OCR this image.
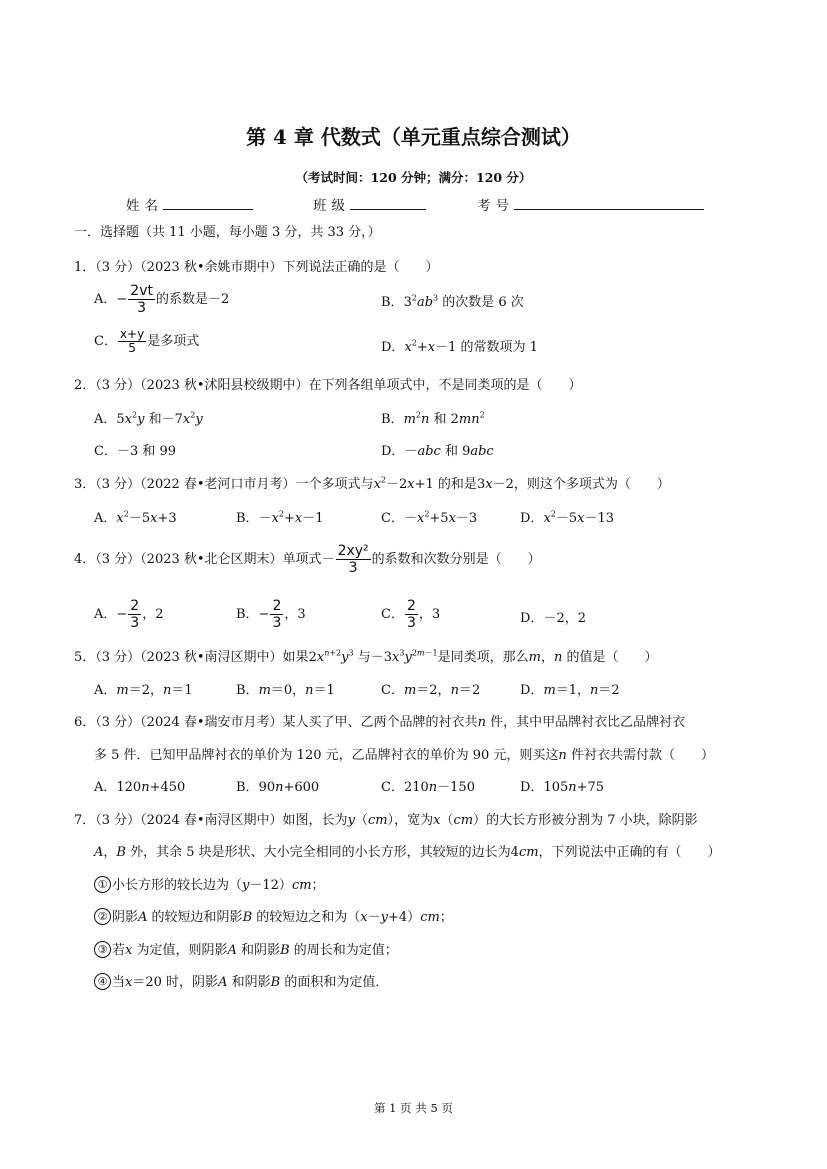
第 4 章 代数式（单元重点综合测试）
（考试时间：120 分钟；满分：120 分）
姓名	班级	考号
一．选择题（共 11 小题，每小题 3 分，共 33 分，）
1．（3 分）（2023 秋•余姚市期中）下列说法正确的是（　　）
A．− $\frac{2vt}{3}$ 的系数是－2	B．$3^2ab^3$ 的次数是 6 次
C． $\frac{x+y}{5}$ 是多项式	D．$x^2+x-1$ 的常数项为 1
2．（3 分）（2023 秋•沭阳县校级期中）在下列各组单项式中，不是同类项的是（　　）
A．$5x^2y$ 和$-7x^2y$	B．$m^2n$ 和 $2mn^2$
C．－3 和 99	D．－abc 和 9abc
3．（3 分）（2022 春•老河口市月考）一个多项式与$x^2-2x+1$ 的和是3x－2，则这个多项式为（　　）
A．$x^2-5x+3$	B．$-x^2+x-1$	C．$-x^2+5x-3$	D．$x^2-5x-13$
4．（3 分）（2023 秋•北仑区期末）单项式－ $\frac{\text{2xy²}}{3}$ 的系数和次数分别是（　　）
A．− $\frac{2}{3}$ ，2	B．− $\frac{2}{3}$ ，3	C． $\frac{2}{3}$ ，3	D．－2，2
5．（3 分）（2023 秋•南浔区期中）如果$2x^{n+2}y^3$ 与$-3x^3y^{2m-1}$是同类项，那么m，n 的值是（　　）
A．m＝2，n＝1	B．m＝0，n＝1	C．m＝2，n＝2	D．m＝1，n＝2
6．（3 分）（2024 春•瑞安市月考）某人买了甲、乙两个品牌的衬衣共n 件，其中甲品牌衬衣比乙品牌衬衣
多 5 件．已知甲品牌衬衣的单价为 120 元，乙品牌衬衣的单价为 90 元，则买这n 件衬衣共需付款（　　）
A．120n+450	B．90n+600	C．210n－150	D．105n+75
7．（3 分）（2024 春•南浔区期中）如图，长为y（cm），宽为x（cm）的大长方形被分割为 7 小块，除阴影
A，B 外，其余 5 块是形状、大小完全相同的小长方形，其较短的边长为4cm，下列说法中正确的有（　　）
① 小长方形的较长边为（y－12）cm；
② 阴影A 的较短边和阴影B 的较短边之和为（x－y+4）cm；
③ 若x 为定值，则阴影A 和阴影B 的周长和为定值；
④ 当x＝20 时，阴影A 和阴影B 的面积和为定值．
第 1 页 共 5 页
